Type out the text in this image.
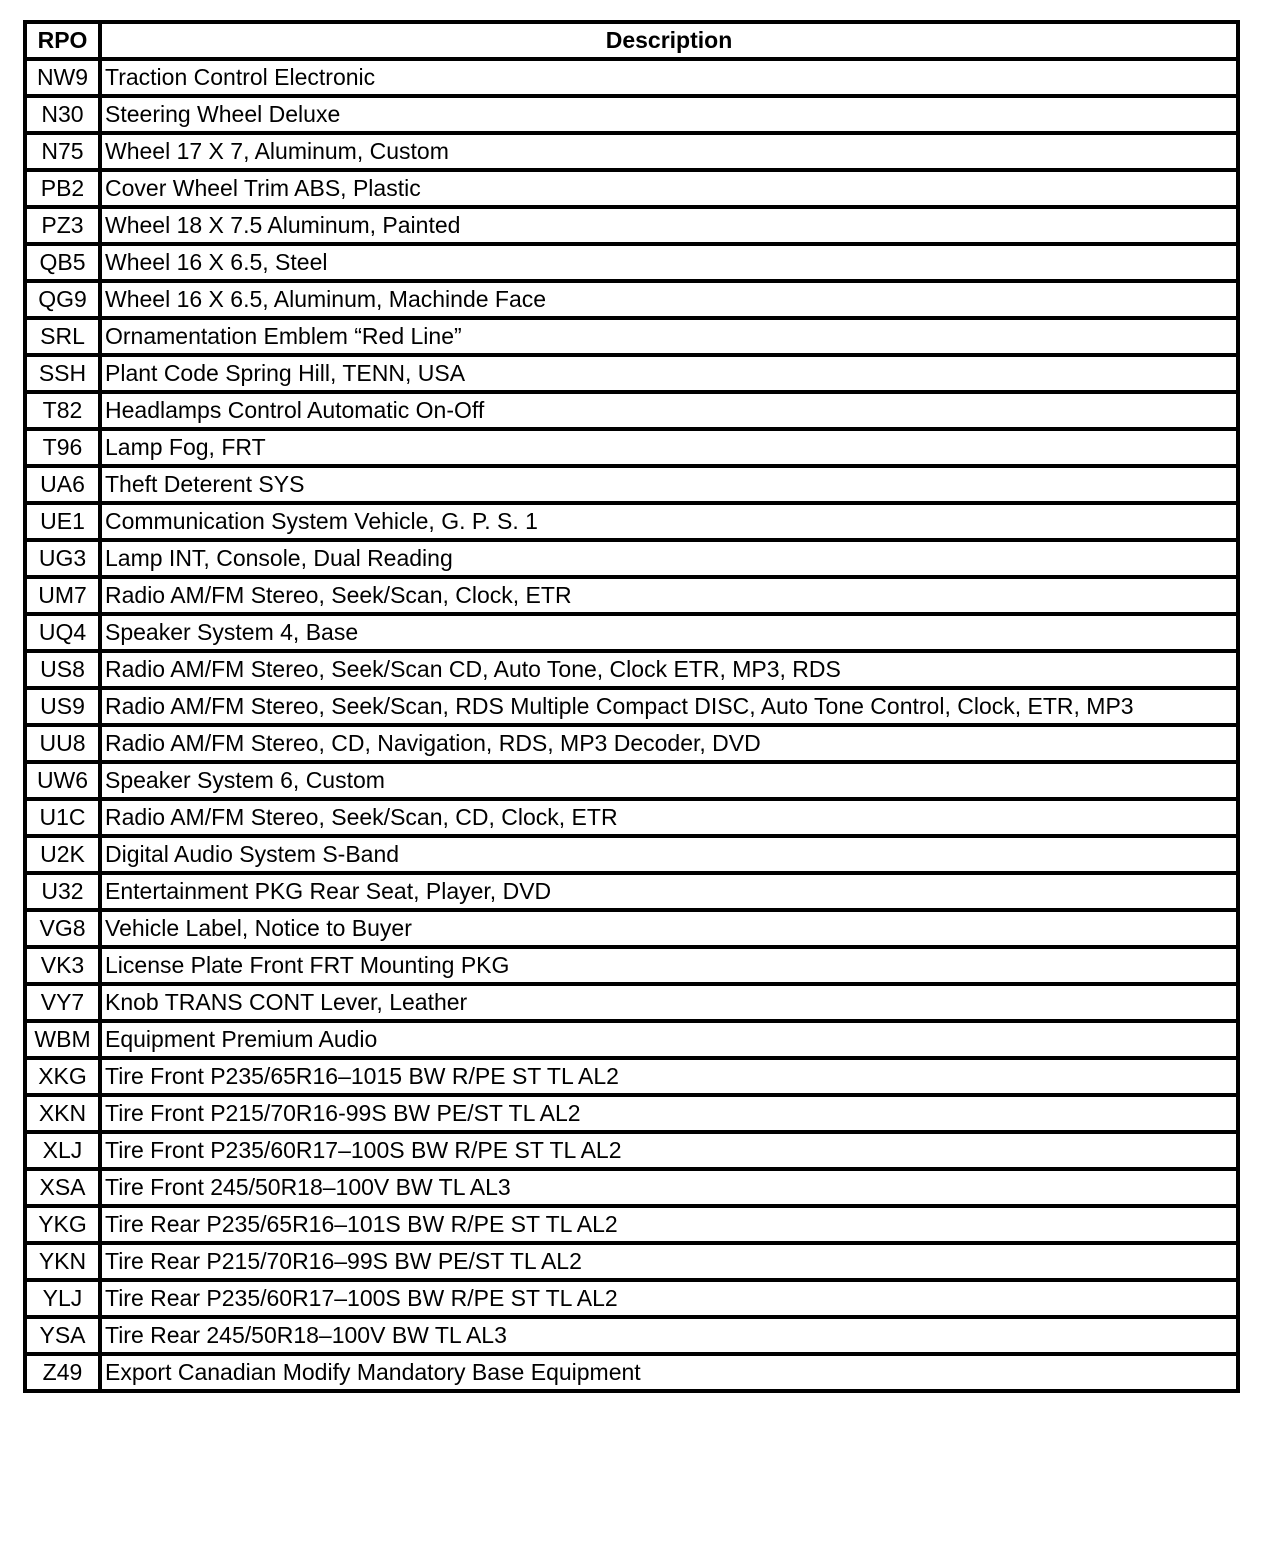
RPO	Description
NW9	Traction Control Electronic
N30	Steering Wheel Deluxe
N75	Wheel 17 X 7, Aluminum, Custom
PB2	Cover Wheel Trim ABS, Plastic
PZ3	Wheel 18 X 7.5 Aluminum, Painted
QB5	Wheel 16 X 6.5, Steel
QG9	Wheel 16 X 6.5, Aluminum, Machinde Face
SRL	Ornamentation Emblem “Red Line”
SSH	Plant Code Spring Hill, TENN, USA
T82	Headlamps Control Automatic On-Off
T96	Lamp Fog, FRT
UA6	Theft Deterent SYS
UE1	Communication System Vehicle, G. P. S. 1
UG3	Lamp INT, Console, Dual Reading
UM7	Radio AM/FM Stereo, Seek/Scan, Clock, ETR
UQ4	Speaker System 4, Base
US8	Radio AM/FM Stereo, Seek/Scan CD, Auto Tone, Clock ETR, MP3, RDS
US9	Radio AM/FM Stereo, Seek/Scan, RDS Multiple Compact DISC, Auto Tone Control, Clock, ETR, MP3
UU8	Radio AM/FM Stereo, CD, Navigation, RDS, MP3 Decoder, DVD
UW6	Speaker System 6, Custom
U1C	Radio AM/FM Stereo, Seek/Scan, CD, Clock, ETR
U2K	Digital Audio System S-Band
U32	Entertainment PKG Rear Seat, Player, DVD
VG8	Vehicle Label, Notice to Buyer
VK3	License Plate Front FRT Mounting PKG
VY7	Knob TRANS CONT Lever, Leather
WBM	Equipment Premium Audio
XKG	Tire Front P235/65R16–1015 BW R/PE ST TL AL2
XKN	Tire Front P215/70R16-99S BW PE/ST TL AL2
XLJ	Tire Front P235/60R17–100S BW R/PE ST TL AL2
XSA	Tire Front 245/50R18–100V BW TL AL3
YKG	Tire Rear P235/65R16–101S BW R/PE ST TL AL2
YKN	Tire Rear P215/70R16–99S BW PE/ST TL AL2
YLJ	Tire Rear P235/60R17–100S BW R/PE ST TL AL2
YSA	Tire Rear 245/50R18–100V BW TL AL3
Z49	Export Canadian Modify Mandatory Base Equipment
